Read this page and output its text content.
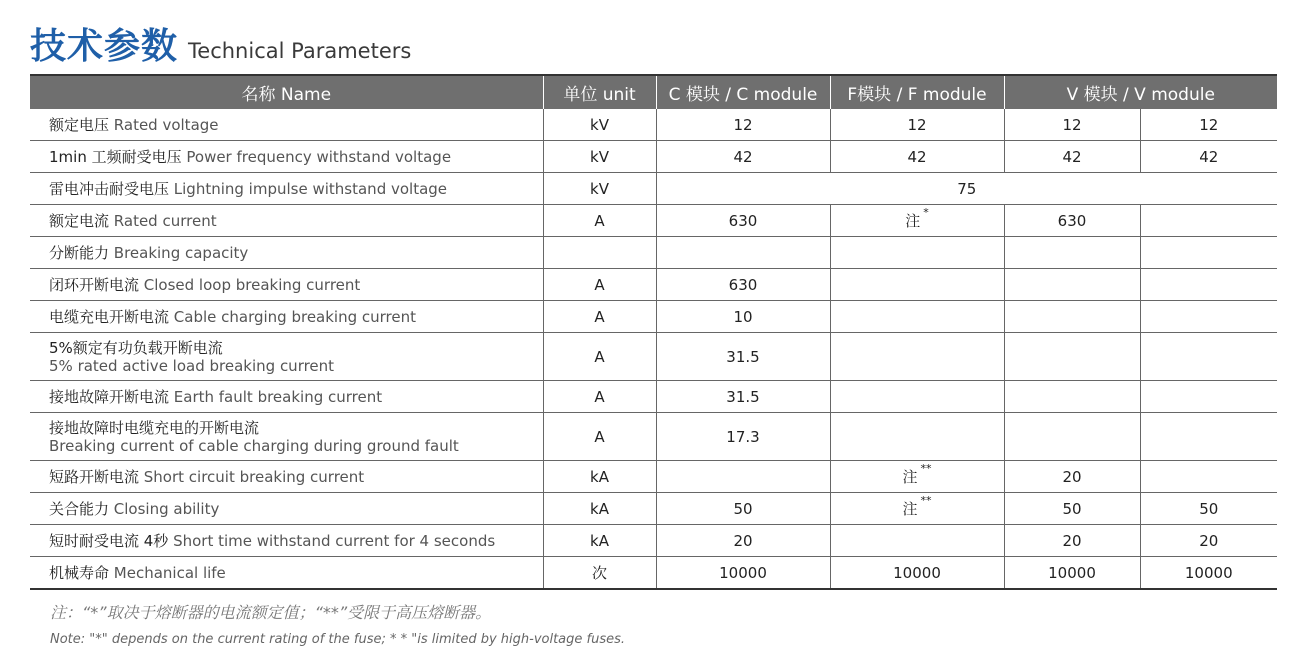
技术参数 Technical Parameters
名称 Name	单位 unit	C 模块 / C module	F模块 / F module	V 模块 / V module	
额定电压 Rated voltage	kV	12	12	12	12
1min 工频耐受电压 Power frequency withstand voltage	kV	42	42	42	42
雷电冲击耐受电压 Lightning impulse withstand voltage	kV	75			
额定电流 Rated current	A	630	注 *	630	
分断能力 Breaking capacity					
闭环开断电流 Closed loop breaking current	A	630			
电缆充电开断电流 Cable charging breaking current	A	10			
5%额定有功负载开断电流
5% rated active load breaking current	A	31.5			
接地故障开断电流 Earth fault breaking current	A	31.5			
接地故障时电缆充电的开断电流
Breaking current of cable charging during ground fault	A	17.3			
短路开断电流 Short circuit breaking current	kA		注 **	20	
关合能力 Closing ability	kA	50	注 **	50	50
短时耐受电流 4秒 Short time withstand current for 4 seconds	kA	20		20	20
机械寿命 Mechanical life	次	10000	10000	10000	10000
注：“*”取决于熔断器的电流额定值；“**”受限于高压熔断器。
Note: "*" depends on the current rating of the fuse; * * "is limited by high-voltage fuses.
